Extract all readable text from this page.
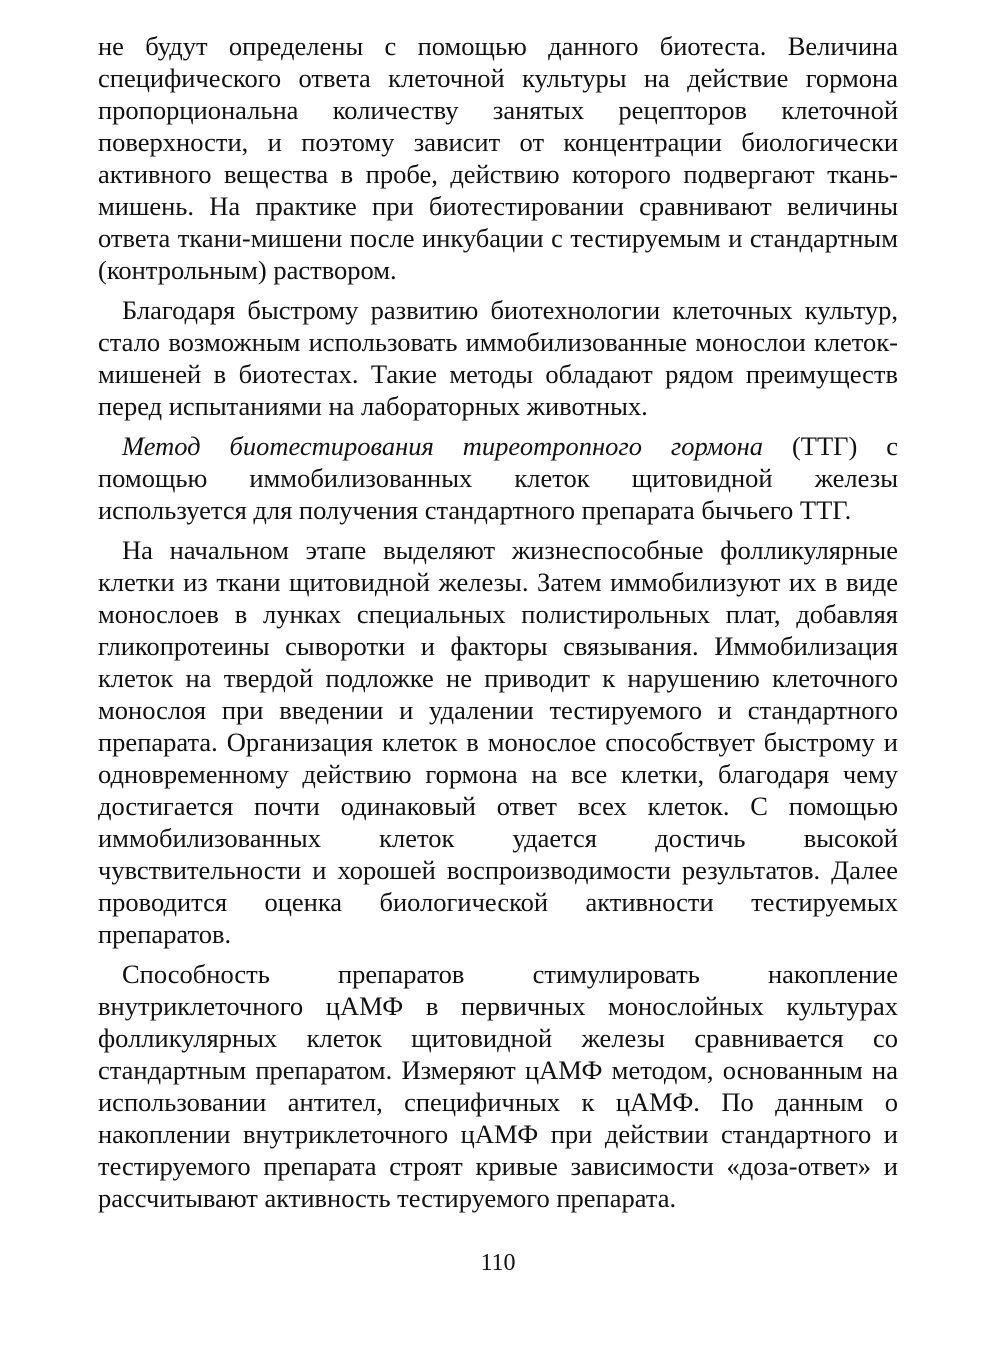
не будут определены с помощью данного биотеста. Величина специфического ответа клеточной культуры на действие гормона пропорциональна количеству занятых рецепторов клеточной поверхности, и поэтому зависит от концентрации биологически активного вещества в пробе, действию которого подвергают ткань-мишень. На практике при биотестировании сравнивают величины ответа ткани-мишени после инкубации с тестируемым и стандартным (контрольным) раствором.

Благодаря быстрому развитию биотехнологии клеточных культур, стало возможным использовать иммобилизованные монослои клеток-мишеней в биотестах. Такие методы обладают рядом преимуществ перед испытаниями на лабораторных животных.

Метод биотестирования тиреотропного гормона (ТТГ) с помощью иммобилизованных клеток щитовидной железы используется для получения стандартного препарата бычьего ТТГ.

На начальном этапе выделяют жизнеспособные фолликулярные клетки из ткани щитовидной железы. Затем иммобилизуют их в виде монослоев в лунках специальных полистирольных плат, добавляя гликопротеины сыворотки и факторы связывания. Иммобилизация клеток на твердой подложке не приводит к нарушению клеточного монослоя при введении и удалении тестируемого и стандартного препарата. Организация клеток в монослое способствует быстрому и одновременному действию гормона на все клетки, благодаря чему достигается почти одинаковый ответ всех клеток. С помощью иммобилизованных клеток удается достичь высокой чувствительности и хорошей воспроизводимости результатов. Далее проводится оценка биологической активности тестируемых препаратов.

Способность препаратов стимулировать накопление внутриклеточного цАМФ в первичных монослойных культурах фолликулярных клеток щитовидной железы сравнивается со стандартным препаратом. Измеряют цАМФ методом, основанным на использовании антител, специфичных к цАМФ. По данным о накоплении внутриклеточного цАМФ при действии стандартного и тестируемого препарата строят кривые зависимости «доза-ответ» и рассчитывают активность тестируемого препарата.

110
